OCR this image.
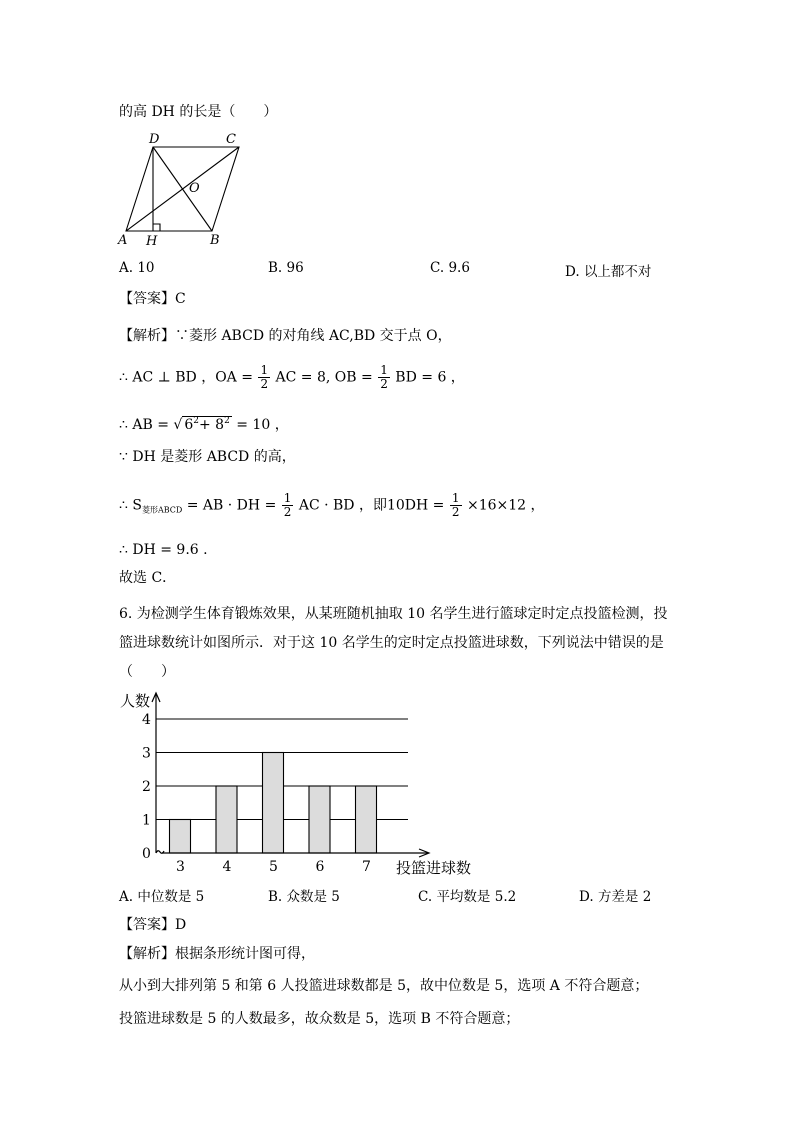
的高 DH 的长是（　　）
D	C
O
A H	B
A. 10	B. 96	C. 9.6	D. 以上都不对
【答案】C
【解析】∵菱形 ABCD 的对角线 AC,BD 交于点 O，
∴ AC ⊥ BD ，OA = $\frac{1}{2}$ AC = 8, OB = $\frac{1}{2}$ BD = 6 ，
∴ AB = √ $6^2+ 8^2 = 10$ ，
∵ DH 是菱形 ABCD 的高，
∴ $S_{菱形ABCD}$ = AB · DH = $\frac{1}{2}$ AC · BD ，即$10DH = \frac{1}{2} \times 16\times 12$ ，
∴ DH = 9.6 .
故选 C．
6. 为检测学生体育锻炼效果，从某班随机抽取 10 名学生进行篮球定时定点投篮检测，投
篮进球数统计如图所示．对于这 10 名学生的定时定点投篮进球数，下列说法中错误的是
（　　）
3	4	5	6	7
0
1
2
3
4
人数
投篮进球数
A. 中位数是 5	B. 众数是 5	C. 平均数是 5.2	D. 方差是 2
【答案】D
【解析】根据条形统计图可得，
从小到大排列第 5 和第 6 人投篮进球数都是 5，故中位数是 5，选项 A 不符合题意；
投篮进球数是 5 的人数最多，故众数是 5，选项 B 不符合题意；
